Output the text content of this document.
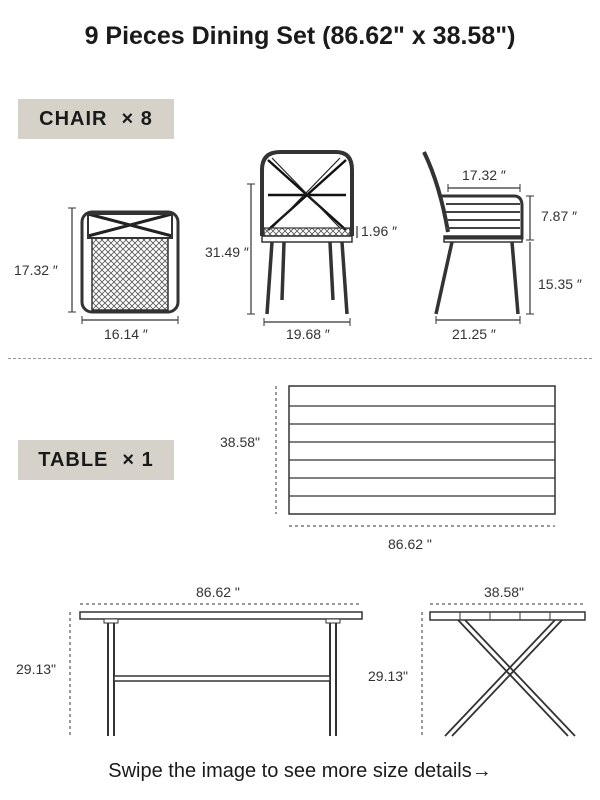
9 Pieces Dining Set (86.62" x 38.58")
CHAIR × 8
TABLE × 1
17.32 ″
16.14 ″
31.49 ″
1.96 ″
19.68 ″
17.32 ″
7.87 ″
15.35 ″
21.25 ″
38.58"
86.62 "
86.62 "
29.13"
38.58"
29.13"
Swipe the image to see more size details→
